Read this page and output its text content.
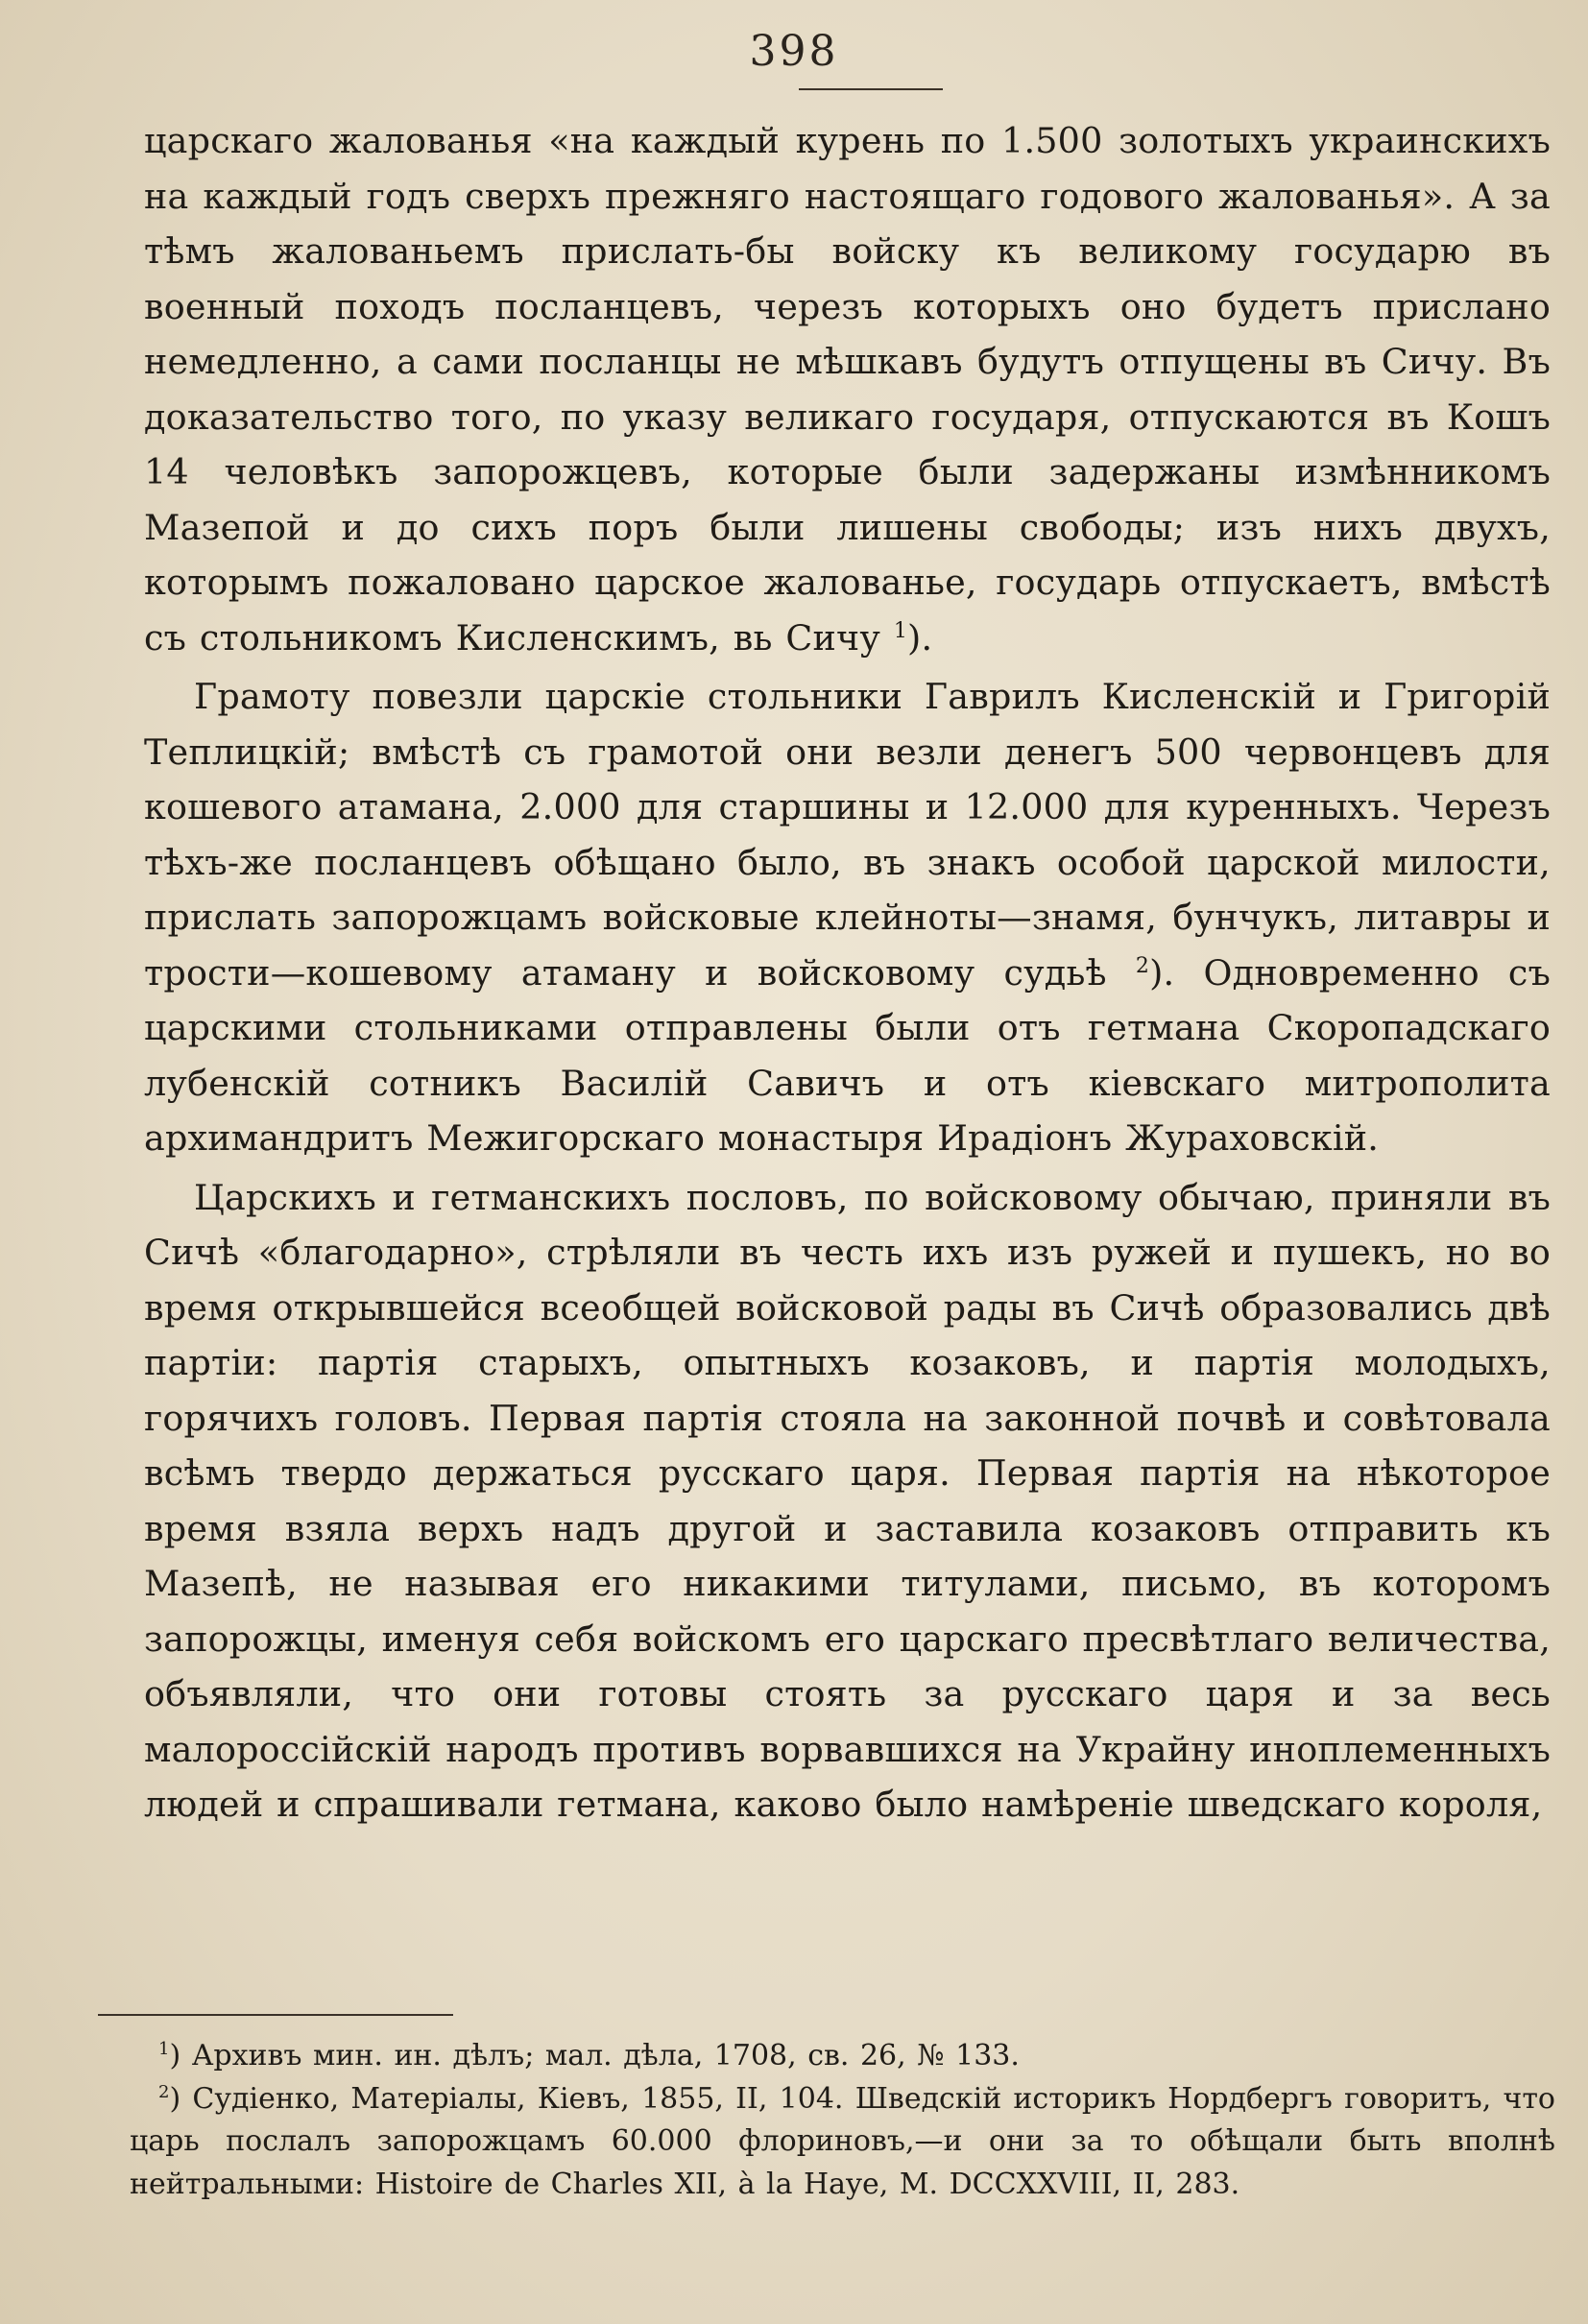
398

царскаго жалованья «на каждый курень по 1.500 золотыхъ украинскихъ на каждый годъ сверхъ прежняго настоящаго годового жалованья». А за тѣмъ жалованьемъ прислать-бы войску къ великому государю въ военный походъ посланцевъ, черезъ которыхъ оно будетъ прислано немедленно, а сами посланцы не мѣшкавъ будутъ отпущены въ Сичу. Въ доказательство того, по указу великаго государя, отпускаются въ Кошъ 14 человѣкъ запорожцевъ, которые были задержаны измѣнникомъ Мазепой и до сихъ поръ были лишены свободы; изъ нихъ двухъ, которымъ пожаловано царское жалованье, государь отпускаетъ, вмѣстѣ съ стольникомъ Кисленскимъ, вь Сичу $^1$).

Грамоту повезли царскіе стольники Гаврилъ Кисленскій и Григорій Теплицкій; вмѣстѣ съ грамотой они везли денегъ 500 червонцевъ для кошевого атамана, 2.000 для старшины и 12.000 для куренныхъ. Черезъ тѣхъ-же посланцевъ обѣщано было, въ знакъ особой царской милости, прислать запорожцамъ войсковые клейноты—знамя, бунчукъ, литавры и трости—кошевому атаману и войсковому судьѣ $^2$). Одновременно съ царскими стольниками отправлены были отъ гетмана Скоропадскаго лубенскій сотникъ Василій Савичъ и отъ кіевскаго митрополита архимандритъ Межигорскаго монастыря Ирадіонъ Жураховскій.

Царскихъ и гетманскихъ пословъ, по войсковому обычаю, приняли въ Сичѣ «благодарно», стрѣляли въ честь ихъ изъ ружей и пушекъ, но во время открывшейся всеобщей войсковой рады въ Сичѣ образовались двѣ партіи: партія старыхъ, опытныхъ козаковъ, и партія молодыхъ, горячихъ головъ. Первая партія стояла на законной почвѣ и совѣтовала всѣмъ твердо держаться русскаго царя. Первая партія на нѣкоторое время взяла верхъ надъ другой и заставила козаковъ отправить къ Мазепѣ, не называя его никакими титулами, письмо, въ которомъ запорожцы, именуя себя войскомъ его царскаго пресвѣтлаго величества, объявляли, что они готовы стоять за русскаго царя и за весь малороссійскій народъ противъ ворвавшихся на Украйну иноплеменныхъ людей и спрашивали гетмана, каково было намѣреніе шведскаго короля,

$^1$) Архивъ мин. ин. дѣлъ; мал. дѣла, 1708, св. 26, № 133.

$^2$) Судіенко, Матеріалы, Кіевъ, 1855, II, 104. Шведскій историкъ Нордбергъ говоритъ, что царь послалъ запорожцамъ 60.000 флориновъ,—и они за то обѣщали быть вполнѣ нейтральными: Histoire de Charles XII, à la Haye, M. DCCXXVIII, II, 283.
